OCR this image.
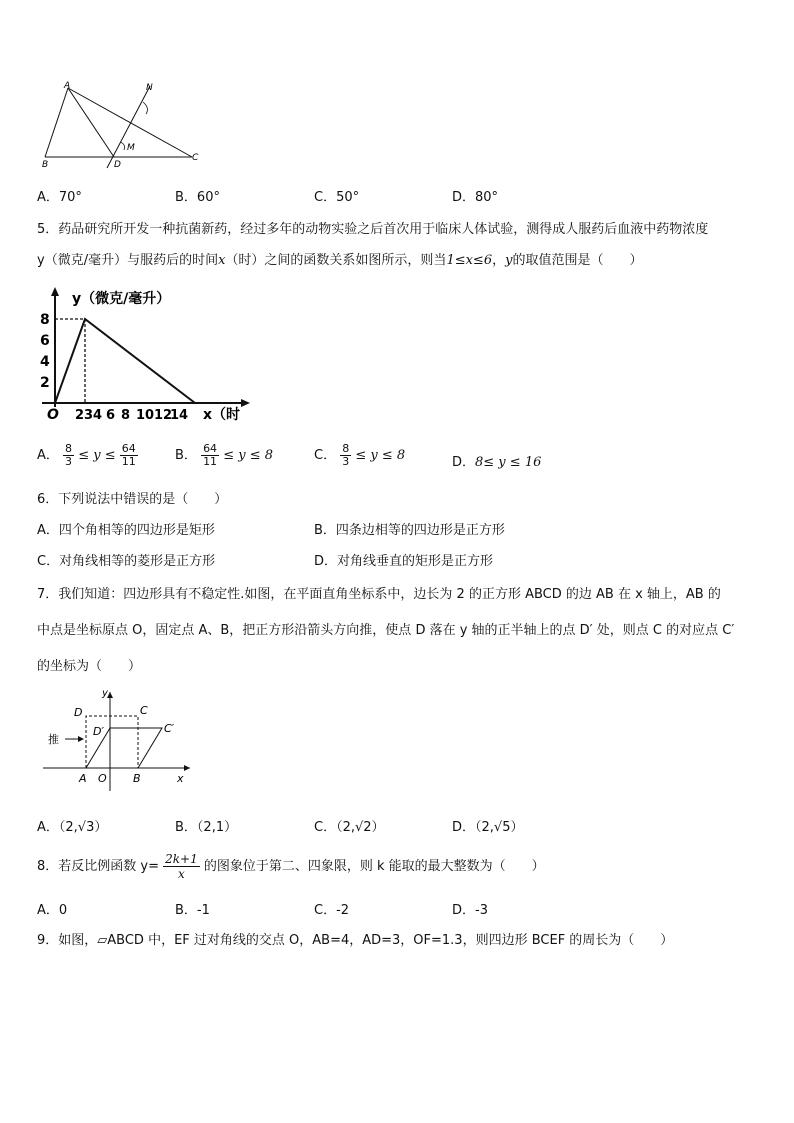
A
B
C
D
M
N
A．70°	B．60°	C．50°	D．80°
5．药品研究所开发一种抗菌新药，经过多年的动物实验之后首次用于临床人体试验，测得成人服药后血液中药物浓度
y（微克/毫升）与服药后的时间x（时）之间的函数关系如图所示，则当1≤x≤6，y的取值范围是（　　）
8
6
4
2
O 2 3 4 6 8 10 12
14
y（微克/毫升）
x（时
A． $\frac{8}{3} \le y \le \frac{64}{11}$	B． $\frac{64}{11} \le y \le 8$	C． $\frac{8}{3} \le y \le 8$	D．8≤ y ≤ 16
6．下列说法中错误的是（　　）
A．四个角相等的四边形是矩形	B．四条边相等的四边形是正方形
C．对角线相等的菱形是正方形	D．对角线垂直的矩形是正方形
7．我们知道：四边形具有不稳定性.如图，在平面直角坐标系中，边长为 2 的正方形 ABCD 的边 AB 在 x 轴上，AB 的
中点是坐标原点 O，固定点 A、B，把正方形沿箭头方向推，使点 D 落在 y 轴的正半轴上的点 D′ 处，则点 C 的对应点 C′
的坐标为（　　）
D	C
D′	C′
推
A O B	x
y
A．（2,√3）	B．（2,1）	C．（2,√2）	D．（2,√5）
8．若反比例函数 $y= \frac{2k+1}{x}$ 的图象位于第二、四象限，则 k 能取的最大整数为（　　）
A．0	B．-1	C．-2	D．-3
9．如图，▱ABCD 中，EF 过对角线的交点 O，AB=4，AD=3，OF=1.3，则四边形 BCEF 的周长为（　　）
